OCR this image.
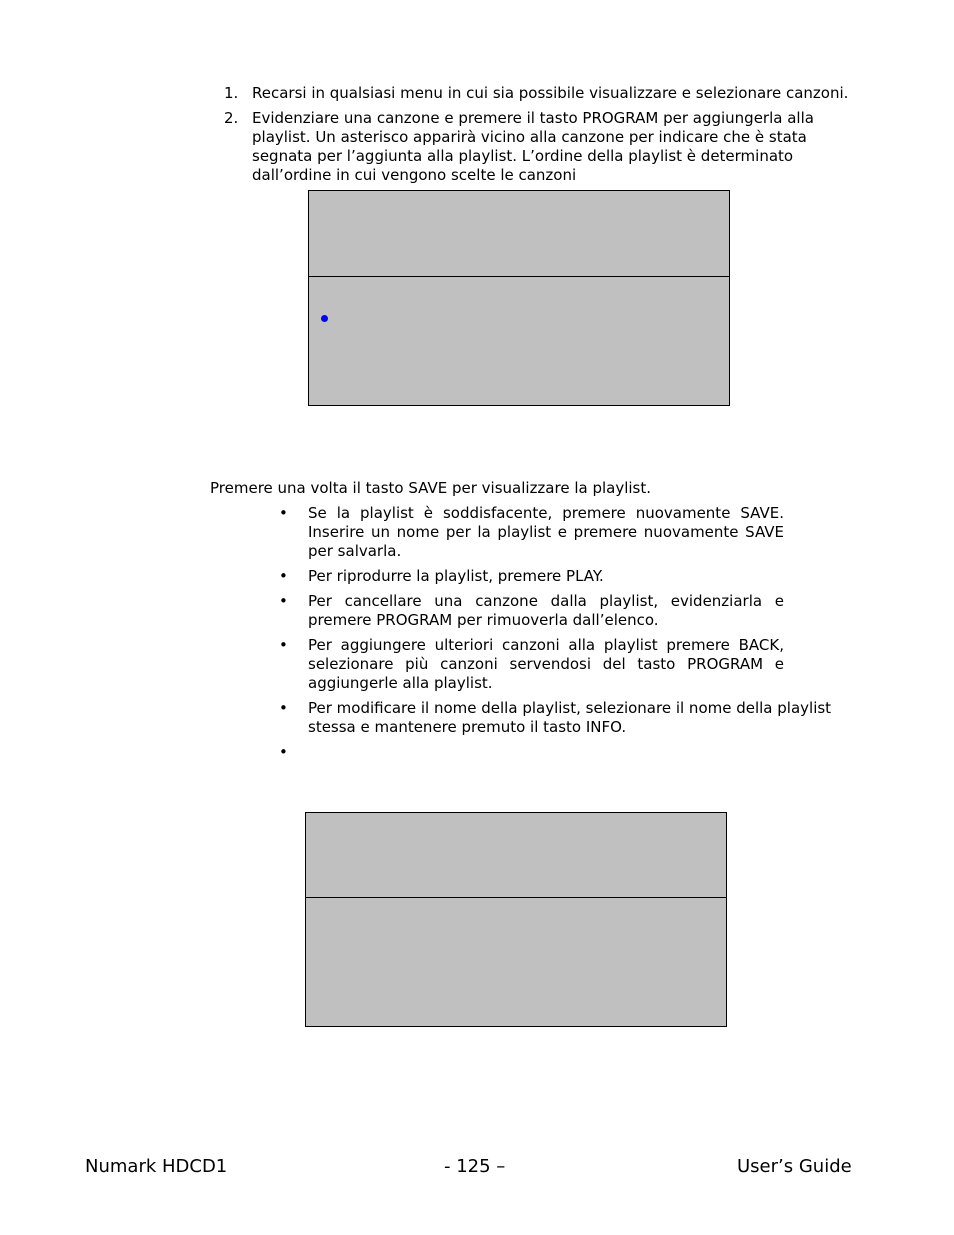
1. Recarsi in qualsiasi menu in cui sia possibile visualizzare e selezionare canzoni.
2. Evidenziare una canzone e premere il tasto PROGRAM per aggiungerla alla
playlist. Un asterisco apparirà vicino alla canzone per indicare che è stata
segnata per l’aggiunta alla playlist. L’ordine della playlist è determinato
dall’ordine in cui vengono scelte le canzoni
Premere una volta il tasto SAVE per visualizzare la playlist.
• Se la playlist è soddisfacente, premere nuovamente SAVE. Inserire un nome per la playlist e premere nuovamente SAVE per salvarla.
• Per riprodurre la playlist, premere PLAY.
• Per cancellare una canzone dalla playlist, evidenziarla e premere PROGRAM per rimuoverla dall’elenco.
• Per aggiungere ulteriori canzoni alla playlist premere BACK, selezionare più canzoni servendosi del tasto PROGRAM e aggiungerle alla playlist.
• Per modificare il nome della playlist, selezionare il nome della playlist stessa e mantenere premuto il tasto INFO.
•
Numark HDCD1	- 125 –	User’s Guide
